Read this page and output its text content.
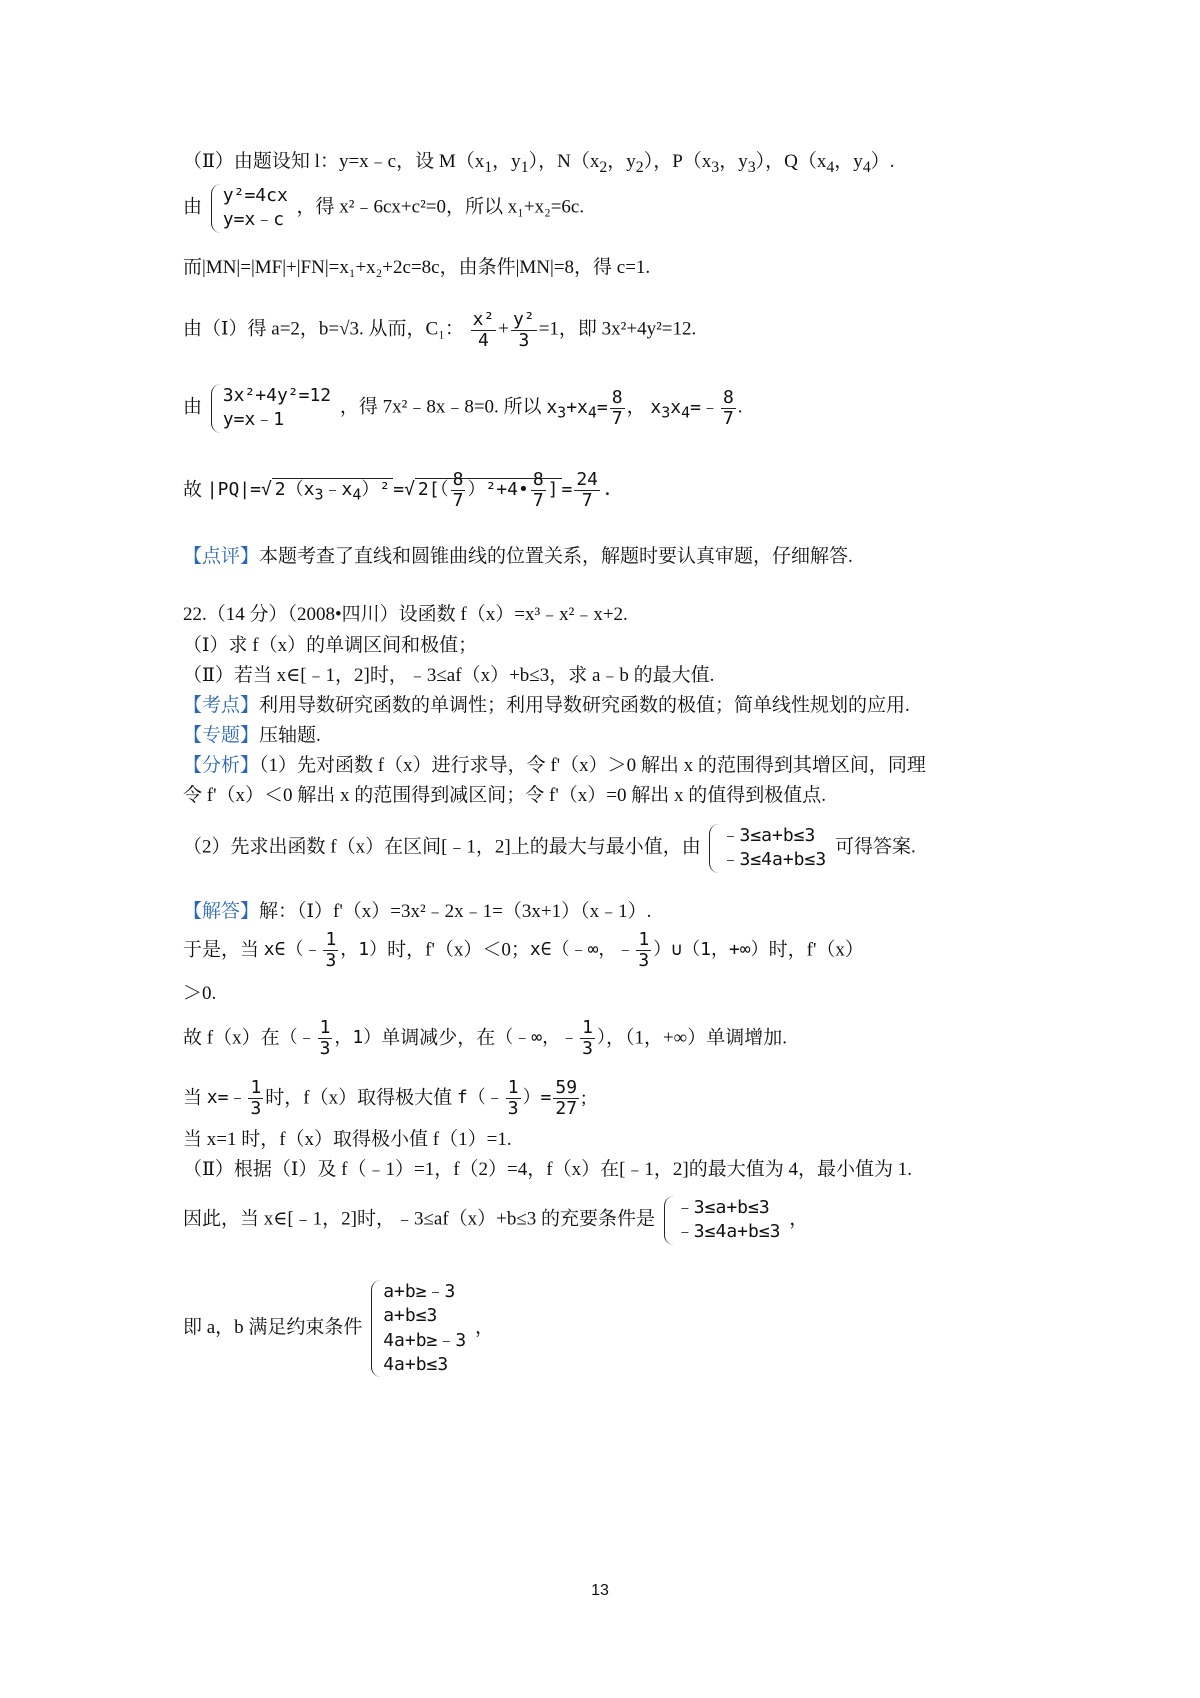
（Ⅱ）由题设知 l：y=x﹣c，设 $M(x_1$，$y_1$），$N(x_2$，$y_2$），$P(x_3$，$y_3$），$Q(x_4$，$y_4$）.
由
y²=4cx
y=x﹣c
，得 x²﹣6cx+c²=0，所以 x₁+x₂=6c.
而|MN|=|MF|+|FN|=x₁+x₂+2c=8c，由条件|MN|=8，得 c=1.
由（Ⅰ）得 a=2，b=√3. 从而，C₁： $\frac{\text{x²}}{4} + \frac{\text{y²}}{3} =1$，即 3x²+4y²=12.
由
3x²+4y²=12
y=x﹣1
，得 7x²﹣8x﹣8=0. 所以 $x_3+x_4= \frac{8}{7}$ ， $x_3x_4=﹣ \frac{8}{7}$ .
故 |PQ|=√ $2(x_3﹣x_4)^2$ =√ $2[( \frac{8}{7}$ ）²+4• $\frac{8}{7}$ ] = $\frac{24}{7}$ .
【点评】本题考查了直线和圆锥曲线的位置关系，解题时要认真审题，仔细解答.
22.（14 分）（2008•四川）设函数 f（x）=x³﹣x²﹣x+2.
（Ⅰ）求 f（x）的单调区间和极值；
（Ⅱ）若当 x∈[﹣1，2]时，﹣3≤af（x）+b≤3，求 a﹣b 的最大值.
【考点】利用导数研究函数的单调性；利用导数研究函数的极值；简单线性规划的应用.
【专题】压轴题.
【分析】（1）先对函数 f（x）进行求导，令 f'（x）＞0 解出 x 的范围得到其增区间，同理
令 f'（x）＜0 解出 x 的范围得到减区间；令 f'（x）=0 解出 x 的值得到极值点.
（2）先求出函数 f（x）在区间[﹣1，2]上的最大与最小值，由
﹣3≤a+b≤3
﹣3≤4a+b≤3
可得答案.
【解答】解：（Ⅰ）f'（x）=3x²﹣2x﹣1=（3x+1）（x﹣1）.
于是，当 x∈（﹣ $\frac{1}{3}$ ，1）时，f'（x）＜0；x∈（﹣∞，﹣ $\frac{1}{3}$ ）∪（1，+∞）时，f'（x）
＞0.
故 f（x）在（﹣ $\frac{1}{3}$ ，1）单调减少，在（﹣∞，﹣ $\frac{1}{3}$ ），（1，+∞）单调增加.
当 x=﹣ $\frac{1}{3}$ 时，f（x）取得极大值 f（﹣ $\frac{1}{3}$ ）= $\frac{59}{27}$ ;
当 x=1 时，f（x）取得极小值 f（1）=1.
（Ⅱ）根据（Ⅰ）及 f（﹣1）=1，f（2）=4，f（x）在[﹣1，2]的最大值为 4，最小值为 1.
因此，当 x∈[﹣1，2]时，﹣3≤af（x）+b≤3 的充要条件是
﹣3≤a+b≤3
﹣3≤4a+b≤3
，
即 a，b 满足约束条件
a+b≥﹣3
a+b≤3
4a+b≥﹣3
4a+b≤3
，
13
